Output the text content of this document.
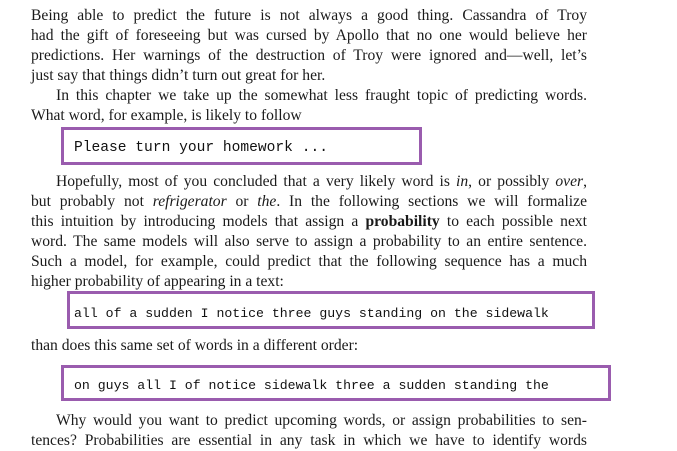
Being able to predict the future is not always a good thing. Cassandra of Troy
had the gift of foreseeing but was cursed by Apollo that no one would believe her
predictions. Her warnings of the destruction of Troy were ignored and—well, let’s
just say that things didn’t turn out great for her.
In this chapter we take up the somewhat less fraught topic of predicting words.
What word, for example, is likely to follow
Please turn your homework ...
Hopefully, most of you concluded that a very likely word is in, or possibly over,
but probably not refrigerator or the. In the following sections we will formalize
this intuition by introducing models that assign a probability to each possible next
word. The same models will also serve to assign a probability to an entire sentence.
Such a model, for example, could predict that the following sequence has a much
higher probability of appearing in a text:
all of a sudden I notice three guys standing on the sidewalk
than does this same set of words in a different order:
on guys all I of notice sidewalk three a sudden standing the
Why would you want to predict upcoming words, or assign probabilities to sen-
tences? Probabilities are essential in any task in which we have to identify words
